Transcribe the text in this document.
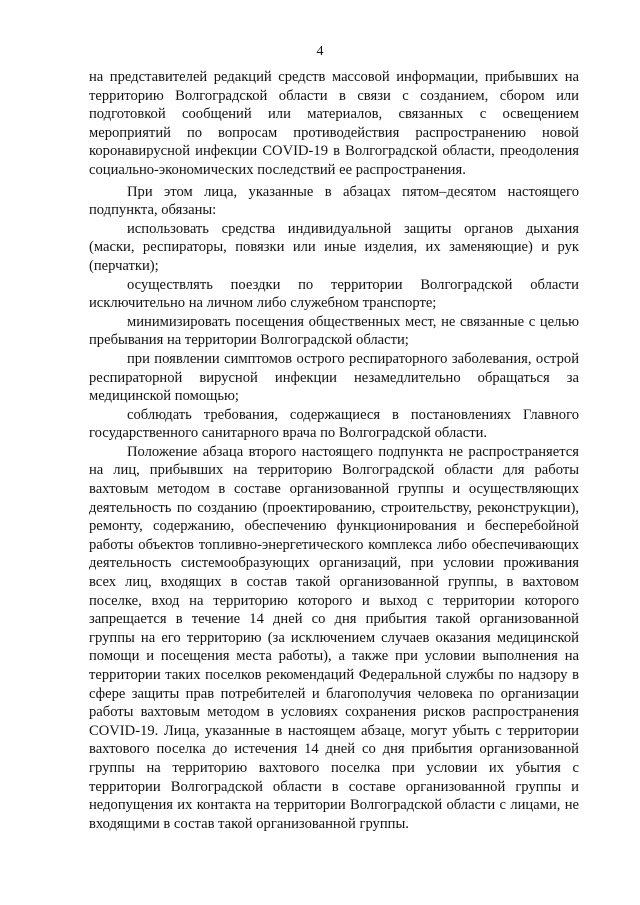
4

на представителей редакций средств массовой информации, прибывших на территорию Волгоградской области в связи с созданием, сбором или подготовкой сообщений или материалов, связанных с освещением мероприятий по вопросам противодействия распространению новой коронавирусной инфекции COVID-19 в Волгоградской области, преодоления социально-экономических последствий ее распространения.

При этом лица, указанные в абзацах пятом–десятом настоящего подпункта, обязаны:

использовать средства индивидуальной защиты органов дыхания (маски, респираторы, повязки или иные изделия, их заменяющие) и рук (перчатки);

осуществлять поездки по территории Волгоградской области исключительно на личном либо служебном транспорте;

минимизировать посещения общественных мест, не связанные с целью пребывания на территории Волгоградской области;

при появлении симптомов острого респираторного заболевания, острой респираторной вирусной инфекции незамедлительно обращаться за медицинской помощью;

соблюдать требования, содержащиеся в постановлениях Главного государственного санитарного врача по Волгоградской области.

Положение абзаца второго настоящего подпункта не распространяется на лиц, прибывших на территорию Волгоградской области для работы вахтовым методом в составе организованной группы и осуществляющих деятельность по созданию (проектированию, строительству, реконструкции), ремонту, содержанию, обеспечению функционирования и бесперебойной работы объектов топливно-энергетического комплекса либо обеспечивающих деятельность системообразующих организаций, при условии проживания всех лиц, входящих в состав такой организованной группы, в вахтовом поселке, вход на территорию которого и выход с территории которого запрещается в течение 14 дней со дня прибытия такой организованной группы на его территорию (за исключением случаев оказания медицинской помощи и посещения места работы), а также при условии выполнения на территории таких поселков рекомендаций Федеральной службы по надзору в сфере защиты прав потребителей и благополучия человека по организации работы вахтовым методом в условиях сохранения рисков распространения COVID-19. Лица, указанные в настоящем абзаце, могут убыть с территории вахтового поселка до истечения 14 дней со дня прибытия организованной группы на территорию вахтового поселка при условии их убытия с территории Волгоградской области в составе организованной группы и недопущения их контакта на территории Волгоградской области с лицами, не входящими в состав такой организованной группы.
